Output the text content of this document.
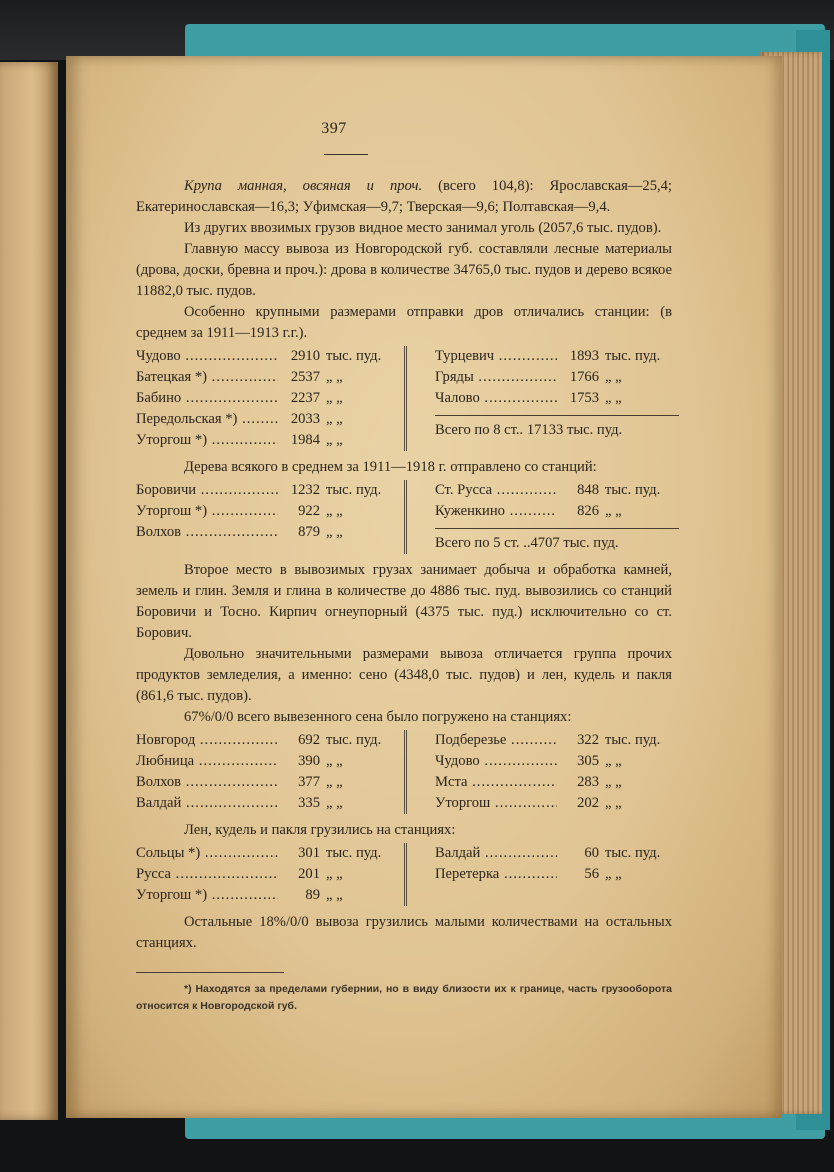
397

Крупа манная, овсяная и проч. (всего 104,8): Ярославская—25,4; Екатеринославская—16,3; Уфимская—9,7; Тверская—9,6; Полтавская—9,4.

Из других ввозимых грузов видное место занимал уголь (2057,6 тыс. пудов).

Главную массу вывоза из Новгородской губ. составляли лесные материалы (дрова, доски, бревна и проч.): дрова в количестве 34765,0 тыс. пудов и дерево всякое 11882,0 тыс. пудов.

Особенно крупными размерами отправки дров отличались станции: (в среднем за 1911—1913 г.г.).

Чудово .....	2910 тыс. пуд.
Батецкая *) .....	2537 „ „
Бабино .....	2237 „ „
Передольская *) .....	2033 „ „
Уторгош *) .....	1984 „ „
Турцевич .....	1893 тыс. пуд.
Гряды .....	1766 „ „
Чалово .....	1753 „ „
Всего по 8 ст.. 17133 тыс. пуд.

Дерева всякого в среднем за 1911—1918 г. отправлено со станций:

Боровичи .....	1232 тыс. пуд.
Уторгош *) .....	922 „ „
Волхов .....	879 „ „
Ст. Русса .....	848 тыс. пуд.
Куженкино .....	826 „ „
Всего по 5 ст. ..4707 тыс. пуд.

Второе место в вывозимых грузах занимает добыча и обработка камней, земель и глин. Земля и глина в количестве до 4886 тыс. пуд. вывозились со станций Боровичи и Тосно. Кирпич огнеупорный (4375 тыс. пуд.) исключительно со ст. Борович.

Довольно значительными размерами вывоза отличается группа прочих продуктов земледелия, а именно: сено (4348,0 тыс. пудов) и лен, кудель и пакля (861,6 тыс. пудов).

67%/0/0 всего вывезенного сена было погружено на станциях:

Новгород .....	692 тыс. пуд.
Любница .....	390 „ „
Волхов .....	377 „ „
Валдай .....	335 „ „
Подберезье .....	322 тыс. пуд.
Чудово .....	305 „ „
Мста .....	283 „ „
Уторгош .....	202 „ „

Лен, кудель и пакля грузились на станциях:

Сольцы *) .....	301 тыс. пуд.
Русса .....	201 „ „
Уторгош *) .....	89 „ „
Валдай .....	60 тыс. пуд.
Перетерка .....	56 „ „

Остальные 18%/0/0 вывоза грузились малыми количествами на остальных станциях.

*) Находятся за пределами губернии, но в виду близости их к границе, часть грузооборота относится к Новгородской губ.
